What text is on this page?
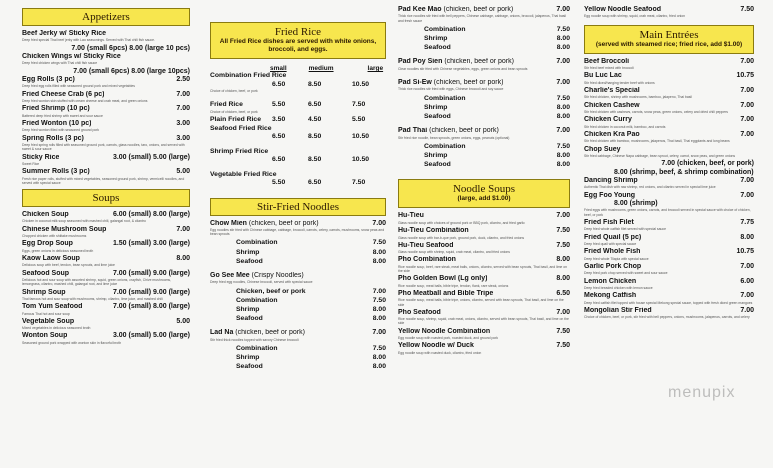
Appetizers
Beef Jerky w/ Sticky Rice
Deep fried special Thai beef jerky with Lao seasonings. Served with Thai chili fish sauce.
7.00 (small 6pcs) 8.00 (large 10 pcs)
Chicken Wings w/ Sticky Rice
Deep fried chicken wings with Thai chili fish sauce
7.00 (small 6pcs) 8.00 (large 10pcs)
Egg Rolls (3 pc)	2.50
Deep fried egg rolls filled with seasoned ground pork and mixed vegetables
Fried Cheese Crab (6 pc)	7.00
Deep fried wonton skin stuffed with cream cheese and crab meat, and green onions
Fried Shrimp (10 pc)	7.00
Battered deep fried shrimp with sweet and sour sauce
Fried Wonton (10 pc)	3.00
Deep fried wonton filled with seasoned ground pork
Spring Rolls (3 pc)	3.00
Deep fried spring rolls filled with seasoned ground pork, carrots, glass noodles, taro, onions, and served with sweet & sour sauce
Sticky Rice	3.00 (small) 5.00 (large)
Sweet Rice
Summer Rolls (3 pc)	5.00
Fresh rice paper rolls, stuffed with mixed vegetables, seasoned ground pork, shrimp, vermicelli noodles, and served with special sauce
Soups
Chicken Soup	6.00 (small) 8.00 (large)
Chicken in coconut milk soup seasoned with mashed chili, galangal root, & cilantro
Chinese Mushroom Soup	7.00
Chopped chicken with shiitake mushrooms
Egg Drop Soup	1.50 (small) 3.00 (large)
Eggs, green onions in delicious seasoned broth
Kaow Laow Soup	8.00
Delicious soup with beef, tendon, bean sprouts, and lime juice
Seafood Soup	7.00 (small) 9.00 (large)
Delicious hot and sour soup with assorted shrimp, squid, green onions, crayfish, Chive mushrooms, lemongrass, cilantro, mashed chili, galangal root, and lime juice
Shrimp Soup	7.00 (small) 9.00 (large)
Thai famous hot and sour soup with mushrooms, shrimp, cilantro, lime juice, and mashed chili
Tom Yum Seafood	7.00 (small) 8.00 (large)
Famous Thai hot and sour soup
Vegetable Soup	5.00
Mixed vegetables in delicious seasoned broth
Wonton Soup	3.00 (small) 5.00 (large)
Seasoned ground pork wrapped with wonton skin in flavorful broth
Fried Rice
All Fried Rice dishes are served with white onions, broccoli, and eggs.
small	medium	large
Combination Fried Rice
6.50	8.50	10.50
Choice of chicken, beef, or pork
Fried Rice	5.50	6.50	7.50
Choice of chicken, beef, or pork
Plain Fried Rice	3.50	4.50	5.50
Seafood Fried Rice
6.50	8.50	10.50
Shrimp Fried Rice
6.50	8.50	10.50
Vegetable Fried Rice
5.50	6.50	7.50
Stir-Fried Noodles
Chow Mien (chicken, beef or pork)	7.00
Egg noodles stir fried with Chinese cabbage, cabbage, broccoli, carrots, celery, carrots, mushrooms, snow peas and bean sprouts
Combination	7.50
Shrimp	8.00
Seafood	8.00
Go See Mee (Crispy Noodles)
Deep fried egg noodles, Chinese broccoli, served with special sauce
Chicken, beef or pork	7.00
Combination	7.50
Shrimp	8.00
Seafood	8.00
Lad Na (chicken, beef or pork)	7.00
Stir fried thick noodles topped with savory Chinese broccoli
Combination	7.50
Shrimp	8.00
Seafood	8.00
Pad Kee Mao (chicken, beef or pork)	7.00
Thick rice noodles stir fried with bell peppers, Chinese cabbage, cabbage, onions, broccoli, jalapenos, Thai basil and fresh sauce
Combination	7.50
Shrimp	8.00
Seafood	8.00
Pad Poy Sien (chicken, beef or pork)	7.00
Clear noodles stir fried with Chinese vegetables, eggs, green onions and bean sprouts
Pad Si-Ew (chicken, beef or pork)	7.00
Thick rice noodles stir fried with eggs, Chinese broccoli and soy sauce
Combination	7.50
Shrimp	8.00
Seafood	8.00
Pad Thai (chicken, beef or pork)	7.00
Stir fried rice noodle, bean sprouts, green onions, eggs, peanuts (optional)
Combination	7.50
Shrimp	8.00
Seafood	8.00
Noodle Soups
(large, add $1.00)
Hu-Tieu	7.00
Glass noodle soup with choices of ground pork or BBQ pork, cilantro, and fried garlic
Hu-Tieu Combination	7.50
Glass noodle soup with bar-b-que pork, ground pork, duck, cilantro, and fried onions
Hu-Tieu Seafood	7.50
Glass noodle soup with shrimp, squid, crab meat, cilantro, and fried onions
Pho Combination	8.00
Rice noodle soup, beef, rare steak, meat balls, onions, cilantro, served with bean sprouts, Thai basil, and lime on the side
Pho Golden Bowl (Lg only)	8.00
Rice noodle soup, meat balls, bible tripe, tendon, flank, rare steak, onions
Pho Meatball and Bible Tripe	6.50
Rice noodle soup, meat balls, bible tripe, onions, cilantro, served with bean sprouts, Thai basil, and lime on the side
Pho Seafood	7.00
Rice noodle soup, shrimp, squid, crab meat, onions, cilantro, served with bean sprouts, Thai basil, and lime on the side
Yellow Noodle Combination	7.50
Egg noodle soup with roasted pork, roasted duck, and ground pork
Yellow Noodle w/ Duck	7.50
Egg noodle soup with roasted duck, cilantro, fried onion
Yellow Noodle Seafood	7.50
Egg noodle soup with shrimp, squid, crab meat, cilantro, fried onion
Main Entrées
(served with steamed rice; fried rice, add $1.00)
Beef Broccoli	7.00
Stir fried beef mixed with broccoli
Bu Luc Lac	10.75
Stir fried diced/hanging tender beef with onions
Charlie's Special	7.00
Stir fried chicken, shrimp with mushrooms, bamboo, jalapeno, Thai basil
Chicken Cashew	7.00
Stir fried chicken with cashews, carrots, snow peas, green onions, celery and dried chili peppers
Chicken Curry	7.00
Stir fried chicken in coconut milk, bamboo, and carrots
Chicken Kra Pao	7.00
Stir fried chicken with bamboo, mushrooms, jalapenos, Thai basil, Thai eggplants and long beans
Chop Suey
Stir fried cabbage, Chinese Napa cabbage, bean sprout, celery, carrot, snow peas, and green onions
7.00 (chicken, beef, or pork)
8.00 (shrimp, beef, & shrimp combination)
Dancing Shrimp	7.00
Authentic Thai dish with raw shrimp, red onions, and cilantro served in special lime juice
Egg Foo Young	7.00
8.00 (shrimp)
Fried eggs with mushrooms, green onions, carrots, and broccoli served in special sauce with choice of chicken, beef, or pork
Fried Fish Filet	7.75
Deep fried whole catfish filet served with special sauce
Fried Quail (5 pc)	8.00
Deep fried quail with special sauce
Fried Whole Fish	10.75
Deep fried whole Tilapia with special sauce
Garlic Pork Chop	7.00
Deep fried pork chop served with sweet and sour sauce
Lemon Chicken	6.00
Deep fried breaded chicken with lemon sauce
Mekong Catfish	7.00
Deep fried catfish filet topped with house special Mekong special sauce, topped with fresh diced green mangoes
Mongolian Stir Fried	7.00
Choice of chicken, beef, or pork, stir fried with bell peppers, onions, mushrooms, jalapenos, carrots, and celery
menupix
